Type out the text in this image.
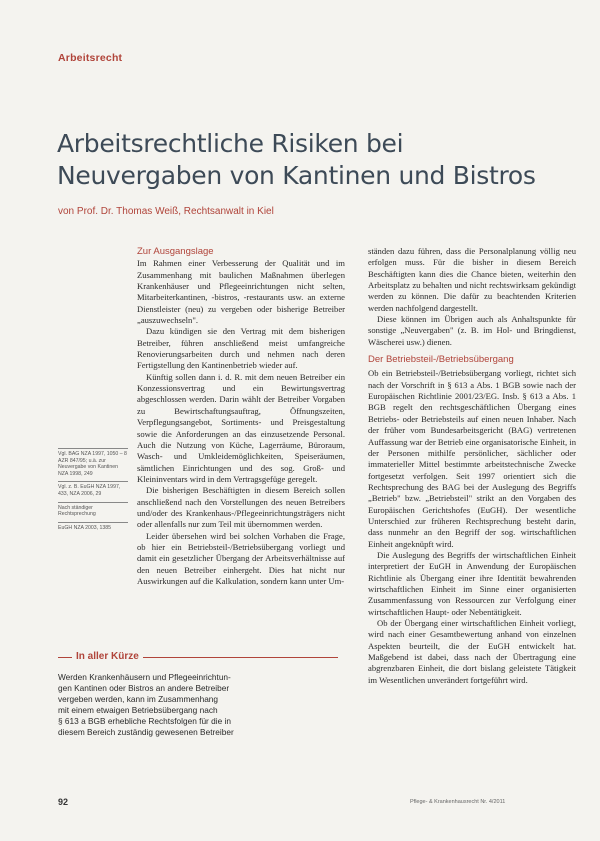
Arbeitsrecht
Arbeitsrechtliche Risiken bei
Neuvergaben von Kantinen und Bistros
von Prof. Dr. Thomas Weiß, Rechtsanwalt in Kiel
Zur Ausgangslage

Im Rahmen einer Verbesserung der Qualität und im Zusammenhang mit baulichen Maßnahmen überlegen Krankenhäuser und Pflegeeinrichtungen nicht selten, Mitarbeiterkantinen, -bistros, -restaurants usw. an externe Dienstleister (neu) zu vergeben oder bisherige Betreiber „auszuwechseln".

Dazu kündigen sie den Vertrag mit dem bisherigen Betreiber, führen anschließend meist umfangreiche Renovierungsarbeiten durch und nehmen nach deren Fertigstellung den Kantinenbetrieb wieder auf.

Künftig sollen dann i. d. R. mit dem neuen Betreiber ein Konzessionsvertrag und ein Bewirtungsvertrag abgeschlossen werden. Darin wählt der Betreiber Vorgaben zu Bewirtschaftungsauftrag, Öffnungszeiten, Verpflegungsangebot, Sortiments- und Preisgestaltung sowie die Anforderungen an das einzusetzende Personal. Auch die Nutzung von Küche, Lagerräume, Büroraum, Wasch- und Umkleidemöglichkeiten, Speiseräumen, sämtlichen Einrichtungen und des sog. Groß- und Kleininventars wird in dem Vertragsgefüge geregelt.

Die bisherigen Beschäftigten in diesem Bereich sollen anschließend nach den Vorstellungen des neuen Betreibers und/oder des Krankenhaus-/Pflegeeinrichtungsträgers nicht oder allenfalls nur zum Teil mit übernommen werden.

Leider übersehen wird bei solchen Vorhaben die Frage, ob hier ein Betriebsteil-/Betriebsübergang vorliegt und damit ein gesetzlicher Übergang der Arbeitsverhältnisse auf den neuen Betreiber einhergeht. Dies hat nicht nur Auswirkungen auf die Kalkulation, sondern kann unter Um-

ständen dazu führen, dass die Personalplanung völlig neu erfolgen muss. Für die bisher in diesem Bereich Beschäftigten kann dies die Chance bieten, weiterhin den Arbeitsplatz zu behalten und nicht rechtswirksam gekündigt werden zu können. Die dafür zu beachtenden Kriterien werden nachfolgend dargestellt.

Diese können im Übrigen auch als Anhaltspunkte für sonstige „Neuvergaben" (z. B. im Hol- und Bringdienst, Wäscherei usw.) dienen.

Der Betriebsteil-/Betriebsübergang

Ob ein Betriebsteil-/Betriebsübergang vorliegt, richtet sich nach der Vorschrift in § 613 a Abs. 1 BGB sowie nach der Europäischen Richtlinie 2001/23/EG. Insb. § 613 a Abs. 1 BGB regelt den rechtsgeschäftlichen Übergang eines Betriebs- oder Betriebsteils auf einen neuen Inhaber. Nach der früher vom Bundesarbeitsgericht (BAG) vertretenen Auffassung war der Betrieb eine organisatorische Einheit, in der Personen mithilfe persönlicher, sächlicher oder immaterieller Mittel bestimmte arbeitstechnische Zwecke fortgesetzt verfolgen. Seit 1997 orientiert sich die Rechtsprechung des BAG bei der Auslegung des Begriffs „Betrieb" bzw. „Betriebsteil" strikt an den Vorgaben des Europäischen Gerichtshofes (EuGH). Der wesentliche Unterschied zur früheren Rechtsprechung besteht darin, dass nunmehr an den Begriff der sog. wirtschaftlichen Einheit angeknüpft wird.

Die Auslegung des Begriffs der wirtschaftlichen Einheit interpretiert der EuGH in Anwendung der Europäischen Richtlinie als Übergang einer ihre Identität bewahrenden wirtschaftlichen Einheit im Sinne einer organisierten Zusammenfassung von Ressourcen zur Verfolgung einer wirtschaftlichen Haupt- oder Nebentätigkeit.

Ob der Übergang einer wirtschaftlichen Einheit vorliegt, wird nach einer Gesamtbewertung anhand von einzelnen Aspekten beurteilt, die der EuGH entwickelt hat. Maßgebend ist dabei, dass nach der Übertragung eine abgrenzbaren Einheit, die dort bislang geleistete Tätigkeit im Wesentlichen unverändert fortgeführt wird.

Vgl. BAG NZA 1997, 1050 – 8 AZR 847/95; u.ä. zur Neuvergabe von Kantinen NZA 1998, 249
Vgl. z. B. EuGH NZA 1997, 433, NZA 2006, 29
Nach ständiger Rechtsprechung
EuGH NZA 2003, 1385
In aller Kürze
Werden Krankenhäusern und Pflegeeinrichtun-
gen Kantinen oder Bistros an andere Betreiber
vergeben werden, kann im Zusammenhang
mit einem etwaigen Betriebsübergang nach
§ 613 a BGB erhebliche Rechtsfolgen für die in
diesem Bereich zuständig gewesenen Betreiber
92	Pflege- & Krankenhausrecht Nr. 4/2011
